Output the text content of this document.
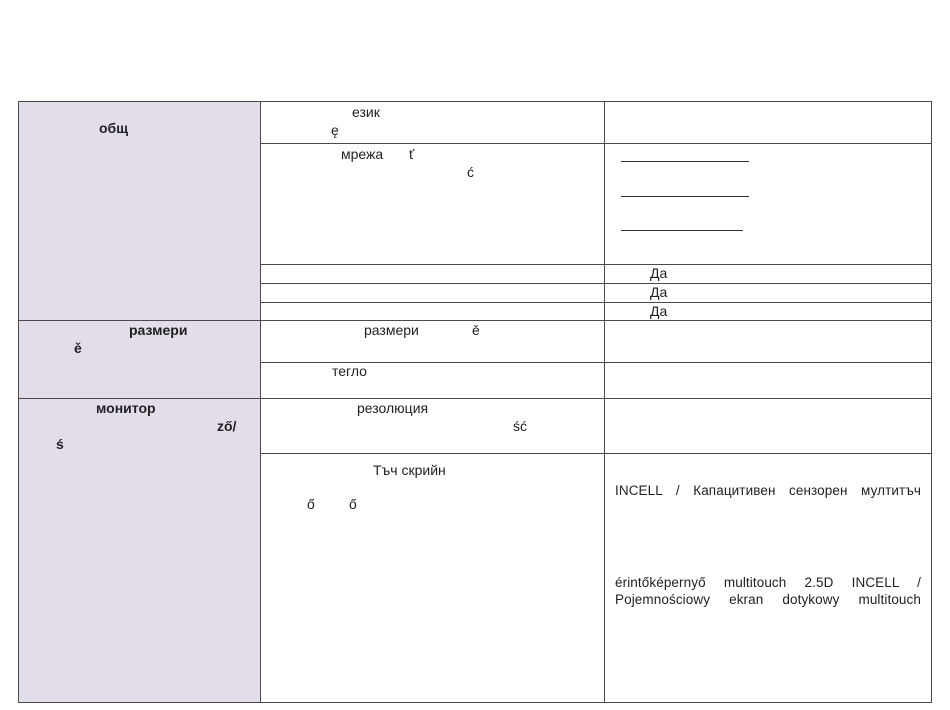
общ
език
ę
мрежа ť
ć
Да
Да
Да
размери
ě
размери	ě
тегло
монитор
ző/
ś
резолюция
ść
Тъч скрийн
ő ő
INCELL / Капацитивен сензорен мултитъч
érintőképernyő multitouch 2.5D INCELL /
Pojemnościowy ekran dotykowy multitouch
